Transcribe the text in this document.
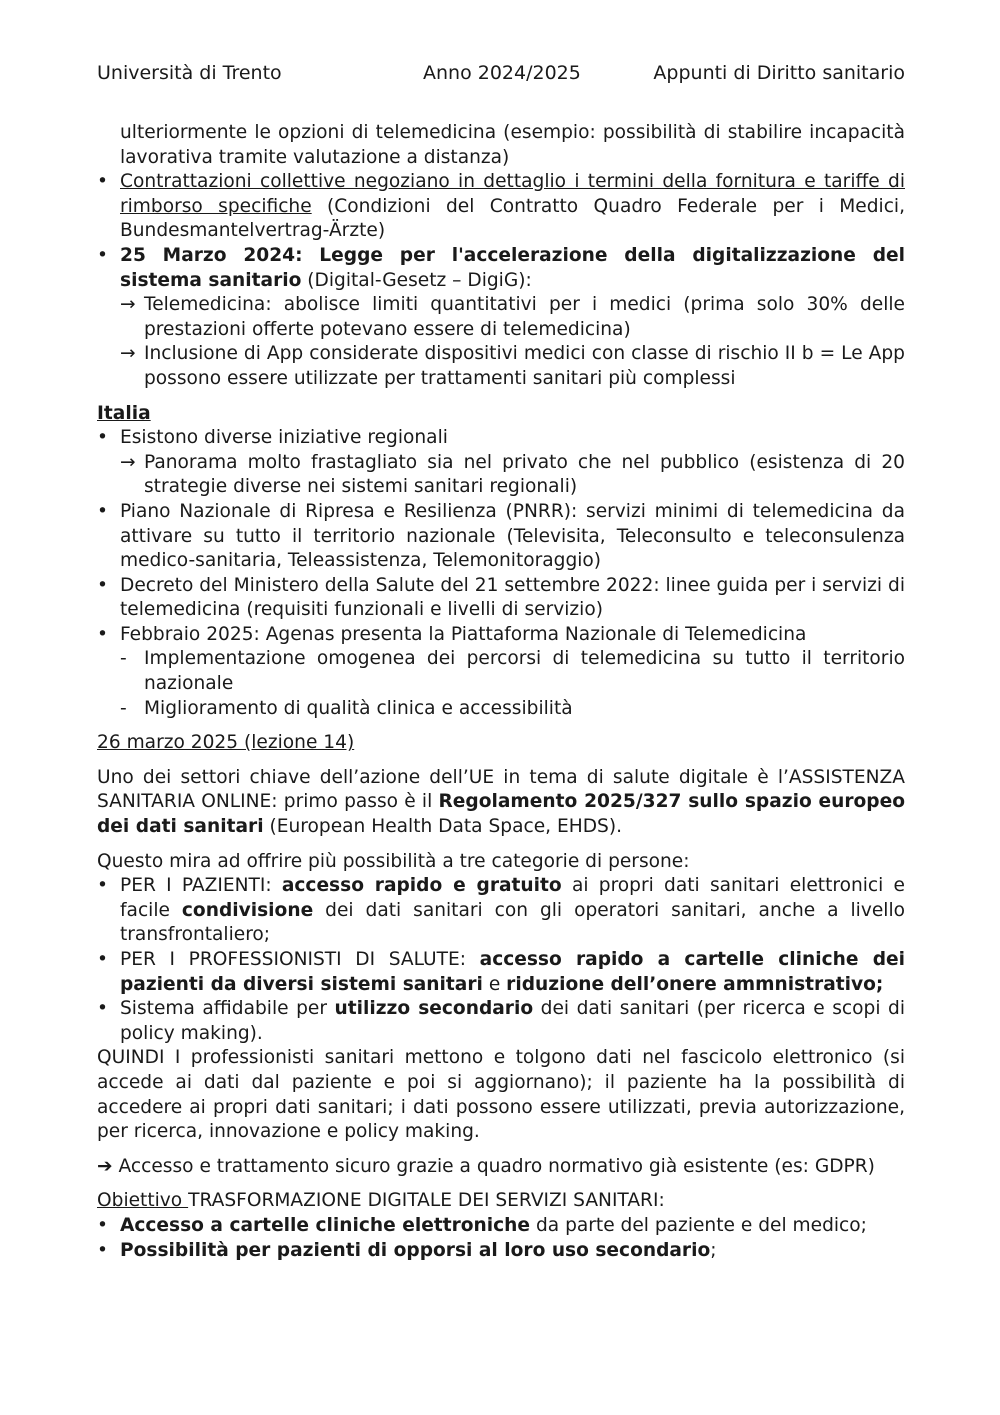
Università di Trento	Anno 2024/2025	Appunti di Diritto sanitario
ulteriormente le opzioni di telemedicina (esempio: possibilità di stabilire incapacità lavorativa tramite valutazione a distanza)
• Contrattazioni collettive negoziano in dettaglio i termini della fornitura e tariffe di rimborso specifiche (Condizioni del Contratto Quadro Federale per i Medici, Bundesmantelvertrag-Ärzte)
• 25 Marzo 2024: Legge per l'accelerazione della digitalizzazione del sistema sanitario (Digital-Gesetz – DigiG):
→ Telemedicina: abolisce limiti quantitativi per i medici (prima solo 30% delle prestazioni offerte potevano essere di telemedicina)
→ Inclusione di App considerate dispositivi medici con classe di rischio II b = Le App possono essere utilizzate per trattamenti sanitari più complessi
Italia
• Esistono diverse iniziative regionali
→ Panorama molto frastagliato sia nel privato che nel pubblico (esistenza di 20 strategie diverse nei sistemi sanitari regionali)
• Piano Nazionale di Ripresa e Resilienza (PNRR): servizi minimi di telemedicina da attivare su tutto il territorio nazionale (Televisita, Teleconsulto e teleconsulenza medico-sanitaria, Teleassistenza, Telemonitoraggio)
• Decreto del Ministero della Salute del 21 settembre 2022: linee guida per i servizi di telemedicina (requisiti funzionali e livelli di servizio)
• Febbraio 2025: Agenas presenta la Piattaforma Nazionale di Telemedicina
- Implementazione omogenea dei percorsi di telemedicina su tutto il territorio nazionale
- Miglioramento di qualità clinica e accessibilità
26 marzo 2025 (lezione 14)

Uno dei settori chiave dell’azione dell’UE in tema di salute digitale è l’ASSISTENZA SANITARIA ONLINE: primo passo è il Regolamento 2025/327 sullo spazio europeo dei dati sanitari (European Health Data Space, EHDS).

Questo mira ad offrire più possibilità a tre categorie di persone:

• PER I PAZIENTI: accesso rapido e gratuito ai propri dati sanitari elettronici e facile condivisione dei dati sanitari con gli operatori sanitari, anche a livello transfrontaliero;
• PER I PROFESSIONISTI DI SALUTE: accesso rapido a cartelle cliniche dei pazienti da diversi sistemi sanitari e riduzione dell’onere ammnistrativo;
• Sistema affidabile per utilizzo secondario dei dati sanitari (per ricerca e scopi di policy making).

QUINDI I professionisti sanitari mettono e tolgono dati nel fascicolo elettronico (si accede ai dati dal paziente e poi si aggiornano); il paziente ha la possibilità di accedere ai propri dati sanitari; i dati possono essere utilizzati, previa autorizzazione, per ricerca, innovazione e policy making.

➔ Accesso e trattamento sicuro grazie a quadro normativo già esistente (es: GDPR)

Obiettivo TRASFORMAZIONE DIGITALE DEI SERVIZI SANITARI:

• Accesso a cartelle cliniche elettroniche da parte del paziente e del medico;
• Possibilità per pazienti di opporsi al loro uso secondario;
